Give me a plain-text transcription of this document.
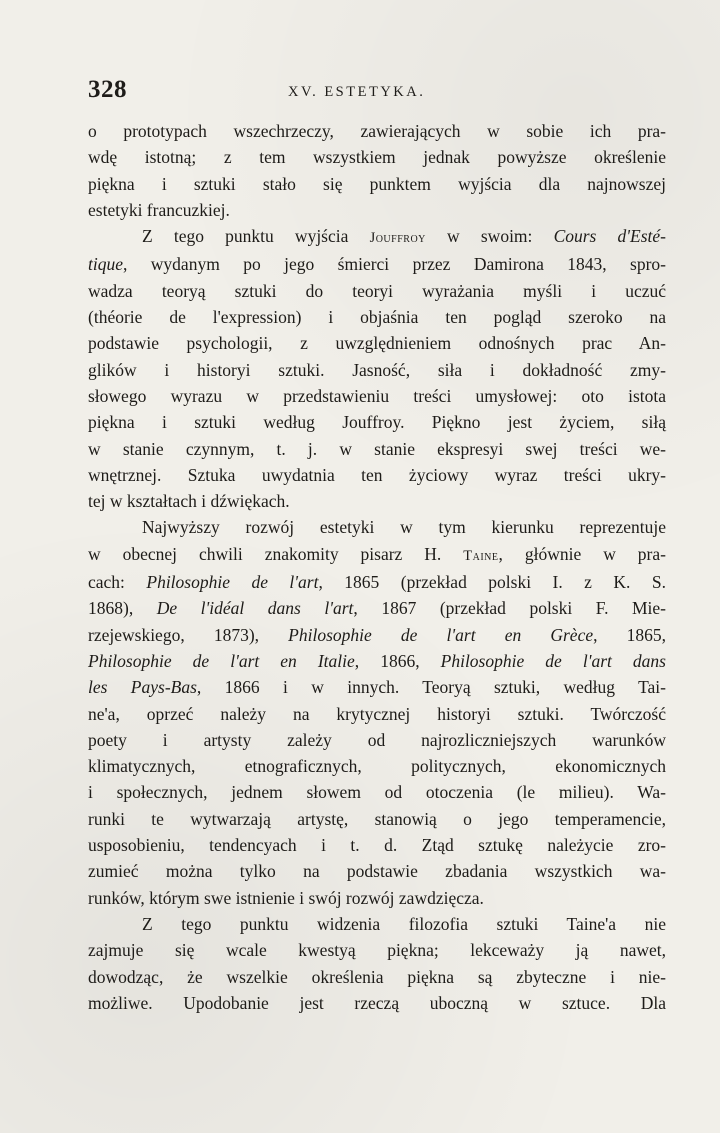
328	XV. ESTETYKA.

o prototypach wszechrzeczy, zawierających w sobie ich pra-

wdę istotną; z tem wszystkiem jednak powyższe określenie

piękna i sztuki stało się punktem wyjścia dla najnowszej

estetyki francuzkiej.

Z tego punktu wyjścia Jouffroy w swoim: Cours d'Esté-

tique, wydanym po jego śmierci przez Damirona 1843, spro-

wadza teoryą sztuki do teoryi wyrażania myśli i uczuć

(théorie de l'expression) i objaśnia ten pogląd szeroko na

podstawie psychologii, z uwzględnieniem odnośnych prac An-

glików i historyi sztuki. Jasność, siła i dokładność zmy-

słowego wyrazu w przedstawieniu treści umysłowej: oto istota

piękna i sztuki według Jouffroy. Piękno jest życiem, siłą

w stanie czynnym, t. j. w stanie ekspresyi swej treści we-

wnętrznej. Sztuka uwydatnia ten życiowy wyraz treści ukry-

tej w kształtach i dźwiękach.

Najwyższy rozwój estetyki w tym kierunku reprezentuje

w obecnej chwili znakomity pisarz H. Taine, głównie w pra-

cach: Philosophie de l'art, 1865 (przekład polski I. z K. S.

1868), De l'idéal dans l'art, 1867 (przekład polski F. Mie-

rzejewskiego, 1873), Philosophie de l'art en Grèce, 1865,

Philosophie de l'art en Italie, 1866, Philosophie de l'art dans

les Pays-Bas, 1866 i w innych. Teoryą sztuki, według Tai-

ne'a, oprzeć należy na krytycznej historyi sztuki. Twórczość

poety i artysty zależy od najrozliczniejszych warunków

klimatycznych, etnograficznych, politycznych, ekonomicznych

i społecznych, jednem słowem od otoczenia (le milieu). Wa-

runki te wytwarzają artystę, stanowią o jego temperamencie,

usposobieniu, tendencyach i t. d. Ztąd sztukę należycie zro-

zumieć można tylko na podstawie zbadania wszystkich wa-

runków, którym swe istnienie i swój rozwój zawdzięcza.

Z tego punktu widzenia filozofia sztuki Taine'a nie

zajmuje się wcale kwestyą piękna; lekceważy ją nawet,

dowodząc, że wszelkie określenia piękna są zbyteczne i nie-

możliwe. Upodobanie jest rzeczą uboczną w sztuce. Dla
